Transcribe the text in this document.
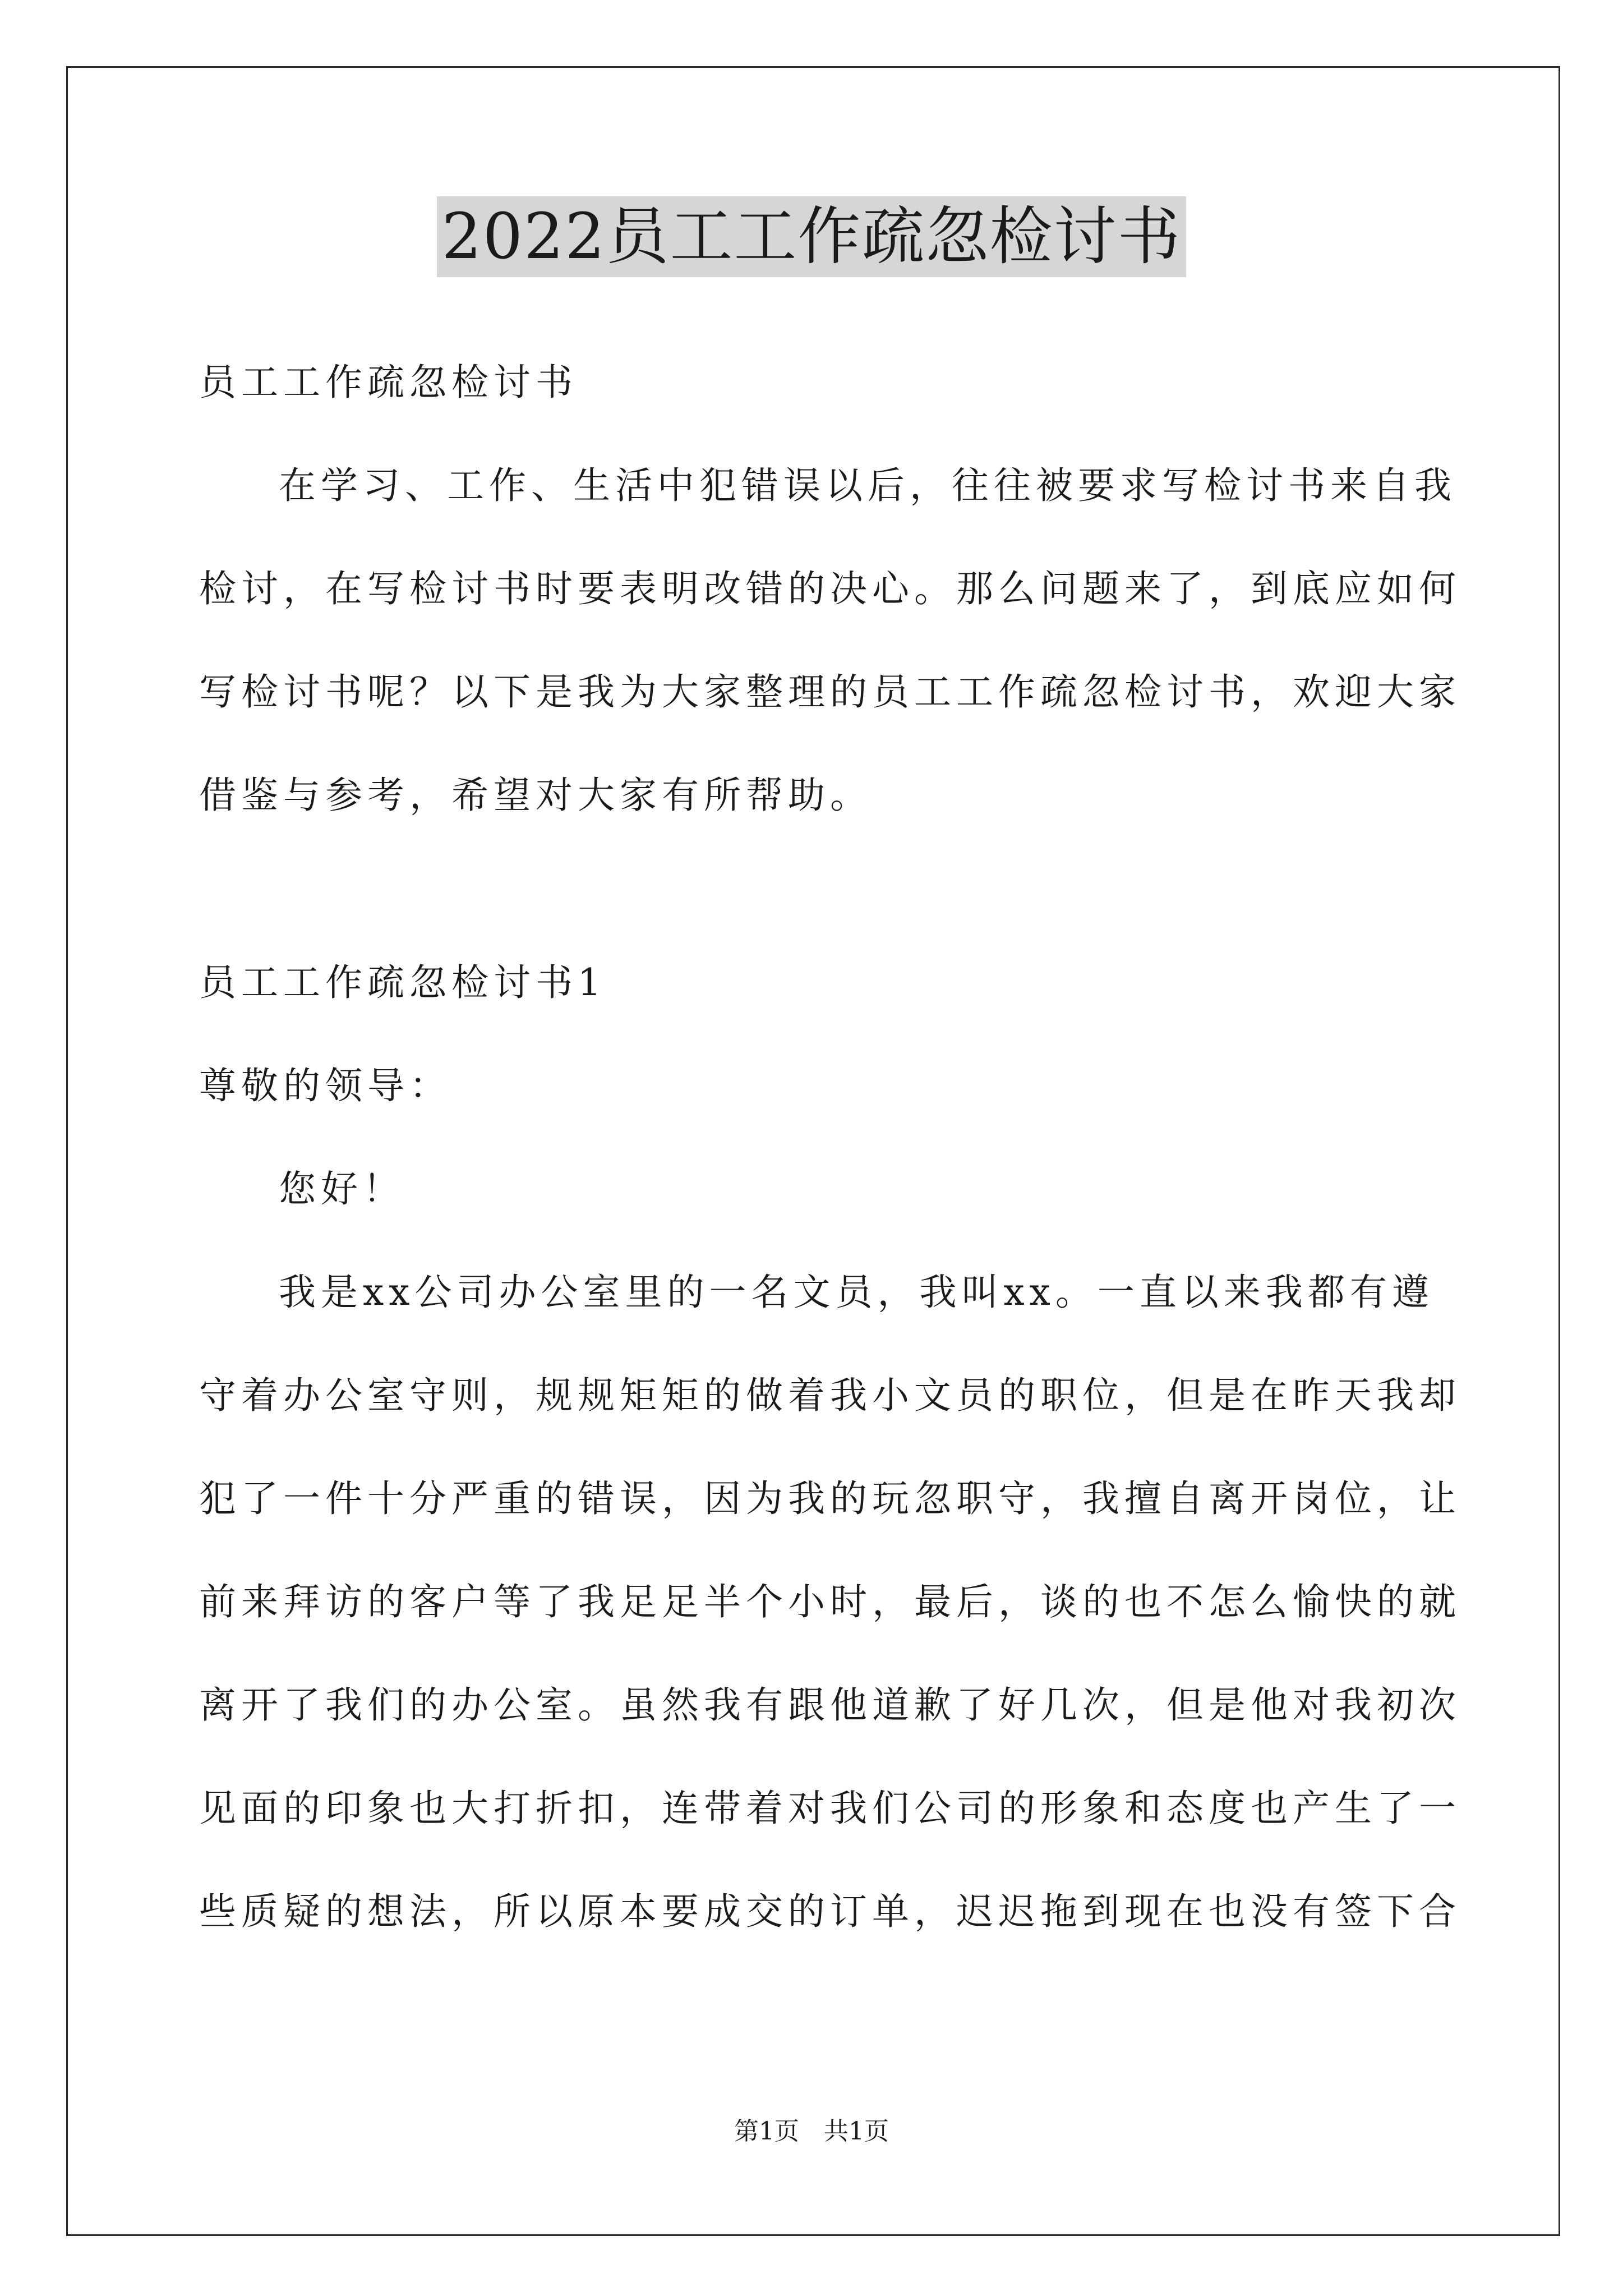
2022员工工作疏忽检讨书
员工工作疏忽检讨书
在学习、工作、生活中犯错误以后，往往被要求写检讨书来自我
检讨，在写检讨书时要表明改错的决心。那么问题来了，到底应如何
写检讨书呢？以下是我为大家整理的员工工作疏忽检讨书，欢迎大家
借鉴与参考，希望对大家有所帮助。
员工工作疏忽检讨书1
尊敬的领导：
您好！
我是xx公司办公室里的一名文员，我叫xx。一直以来我都有遵
守着办公室守则，规规矩矩的做着我小文员的职位，但是在昨天我却
犯了一件十分严重的错误，因为我的玩忽职守，我擅自离开岗位，让
前来拜访的客户等了我足足半个小时，最后，谈的也不怎么愉快的就
离开了我们的办公室。虽然我有跟他道歉了好几次，但是他对我初次
见面的印象也大打折扣，连带着对我们公司的形象和态度也产生了一
些质疑的想法，所以原本要成交的订单，迟迟拖到现在也没有签下合
第1页　共1页
